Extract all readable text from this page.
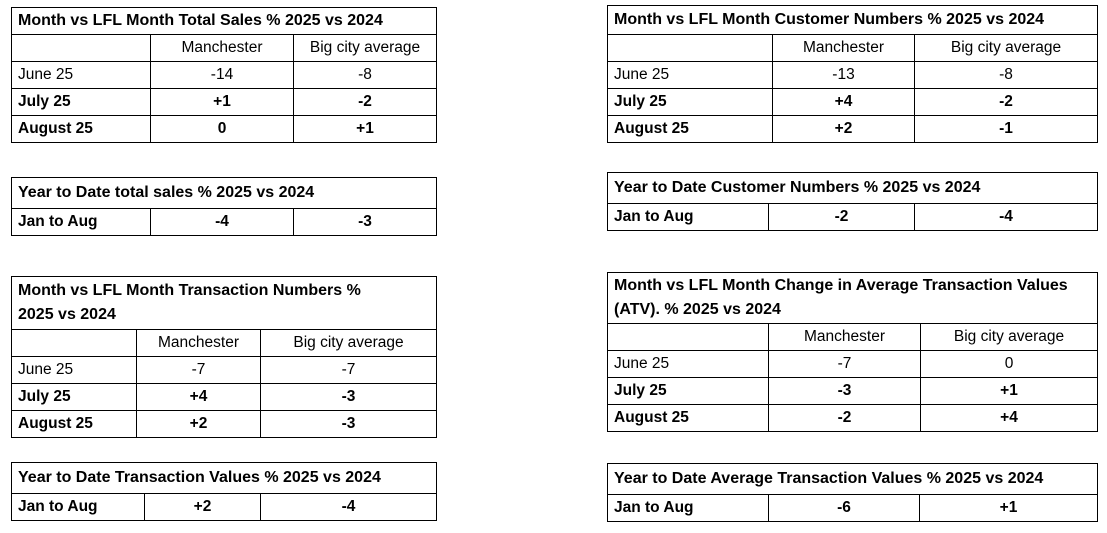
Month vs LFL Month Total Sales % 2025 vs 2024		
	Manchester	Big city average
June 25	-14	-8
July 25	+1	-2
August 25	0	+1
Year to Date total sales % 2025 vs 2024
Jan to Aug	-4	-3
Month vs LFL Month Transaction Numbers % 2025 vs 2024		
	Manchester	Big city average
June 25	-7	-7
July 25	+4	-3
August 25	+2	-3
Year to Date Transaction Values % 2025 vs 2024
Jan to Aug	+2	-4
Month vs LFL Month Customer Numbers % 2025 vs 2024		
	Manchester	Big city average
June 25	-13	-8
July 25	+4	-2
August 25	+2	-1
Year to Date Customer Numbers % 2025 vs 2024
Jan to Aug	-2	-4
Month vs LFL Month Change in Average Transaction Values (ATV). % 2025 vs 2024		
	Manchester	Big city average
June 25	-7	0
July 25	-3	+1
August 25	-2	+4
Year to Date Average Transaction Values % 2025 vs 2024
Jan to Aug	-6	+1
